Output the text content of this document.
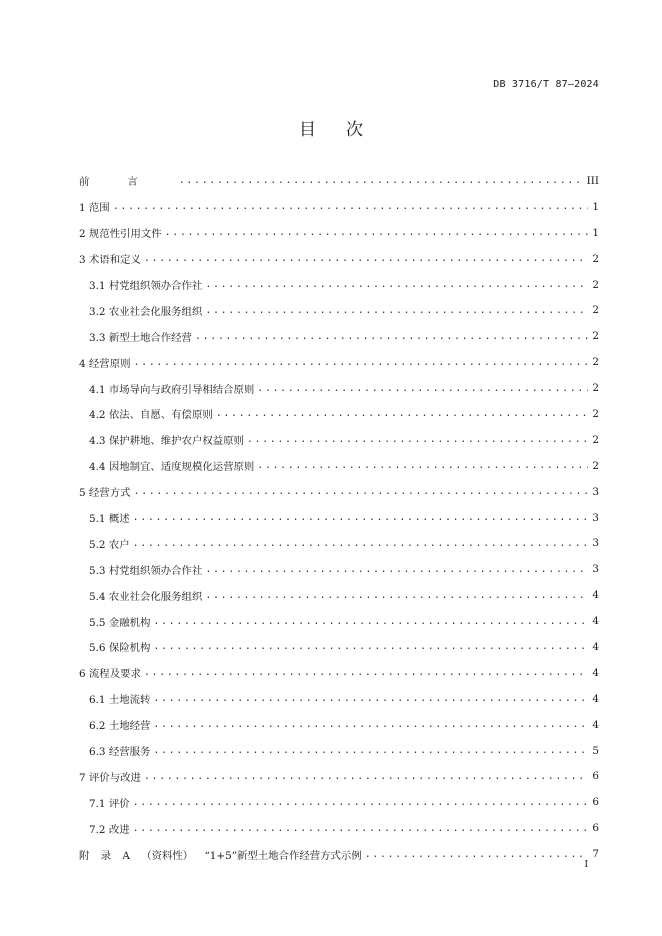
DB 3716/T 87—2024
目次
前言 .....	III
1 范围 .....	1
2 规范性引用文件 .....	1
3 术语和定义 .....	2
3.1 村党组织领办合作社 .....	2
3.2 农业社会化服务组织 .....	2
3.3 新型土地合作经营 .....	2
4 经营原则 .....	2
4.1 市场导向与政府引导相结合原则 .....	2
4.2 依法、自愿、有偿原则 .....	2
4.3 保护耕地、维护农户权益原则 .....	2
4.4 因地制宜、适度规模化运营原则 .....	2
5 经营方式 .....	3
5.1 概述 .....	3
5.2 农户 .....	3
5.3 村党组织领办合作社 .....	3
5.4 农业社会化服务组织 .....	4
5.5 金融机构 .....	4
5.6 保险机构 .....	4
6 流程及要求 .....	4
6.1 土地流转 .....	4
6.2 土地经营 .....	4
6.3 经营服务 .....	5
7 评价与改进 .....	6
7.1 评价 .....	6
7.2 改进 .....	6
附 录 A （资料性） “1+5”新型土地合作经营方式示例 .....	7
I
